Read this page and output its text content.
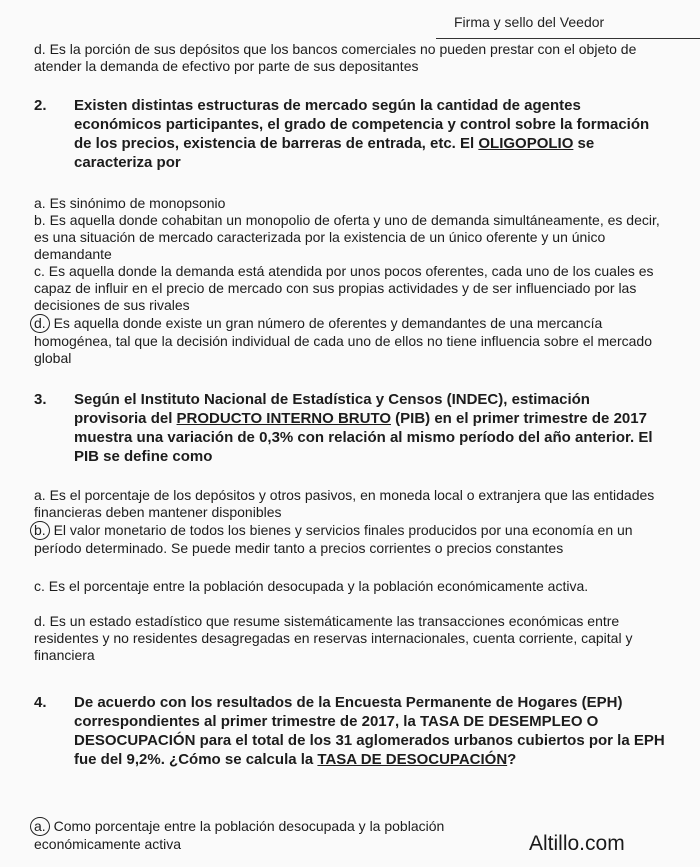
Firma y sello del Veedor
d. Es la porción de sus depósitos que los bancos comerciales no pueden prestar con el objeto de atender la demanda de efectivo por parte de sus depositantes
2. Existen distintas estructuras de mercado según la cantidad de agentes económicos participantes, el grado de competencia y control sobre la formación de los precios, existencia de barreras de entrada, etc. El OLIGOPOLIO se caracteriza por
a. Es sinónimo de monopsonio
b. Es aquella donde cohabitan un monopolio de oferta y uno de demanda simultáneamente, es decir, es una situación de mercado caracterizada por la existencia de un único oferente y un único demandante
c. Es aquella donde la demanda está atendida por unos pocos oferentes, cada uno de los cuales es capaz de influir en el precio de mercado con sus propias actividades y de ser influenciado por las decisiones de sus rivales
d. Es aquella donde existe un gran número de oferentes y demandantes de una mercancía homogénea, tal que la decisión individual de cada uno de ellos no tiene influencia sobre el mercado global
3. Según el Instituto Nacional de Estadística y Censos (INDEC), estimación provisoria del PRODUCTO INTERNO BRUTO (PIB) en el primer trimestre de 2017 muestra una variación de 0,3% con relación al mismo período del año anterior. El PIB se define como
a. Es el porcentaje de los depósitos y otros pasivos, en moneda local o extranjera que las entidades financieras deben mantener disponibles
b. El valor monetario de todos los bienes y servicios finales producidos por una economía en un período determinado. Se puede medir tanto a precios corrientes o precios constantes
c. Es el porcentaje entre la población desocupada y la población económicamente activa.
d. Es un estado estadístico que resume sistemáticamente las transacciones económicas entre residentes y no residentes desagregadas en reservas internacionales, cuenta corriente, capital y financiera
4. De acuerdo con los resultados de la Encuesta Permanente de Hogares (EPH) correspondientes al primer trimestre de 2017, la TASA DE DESEMPLEO O DESOCUPACIÓN para el total de los 31 aglomerados urbanos cubiertos por la EPH fue del 9,2%. ¿Cómo se calcula la TASA DE DESOCUPACIÓN?
a. Como porcentaje entre la población desocupada y la población económicamente activa	Altillo.com
